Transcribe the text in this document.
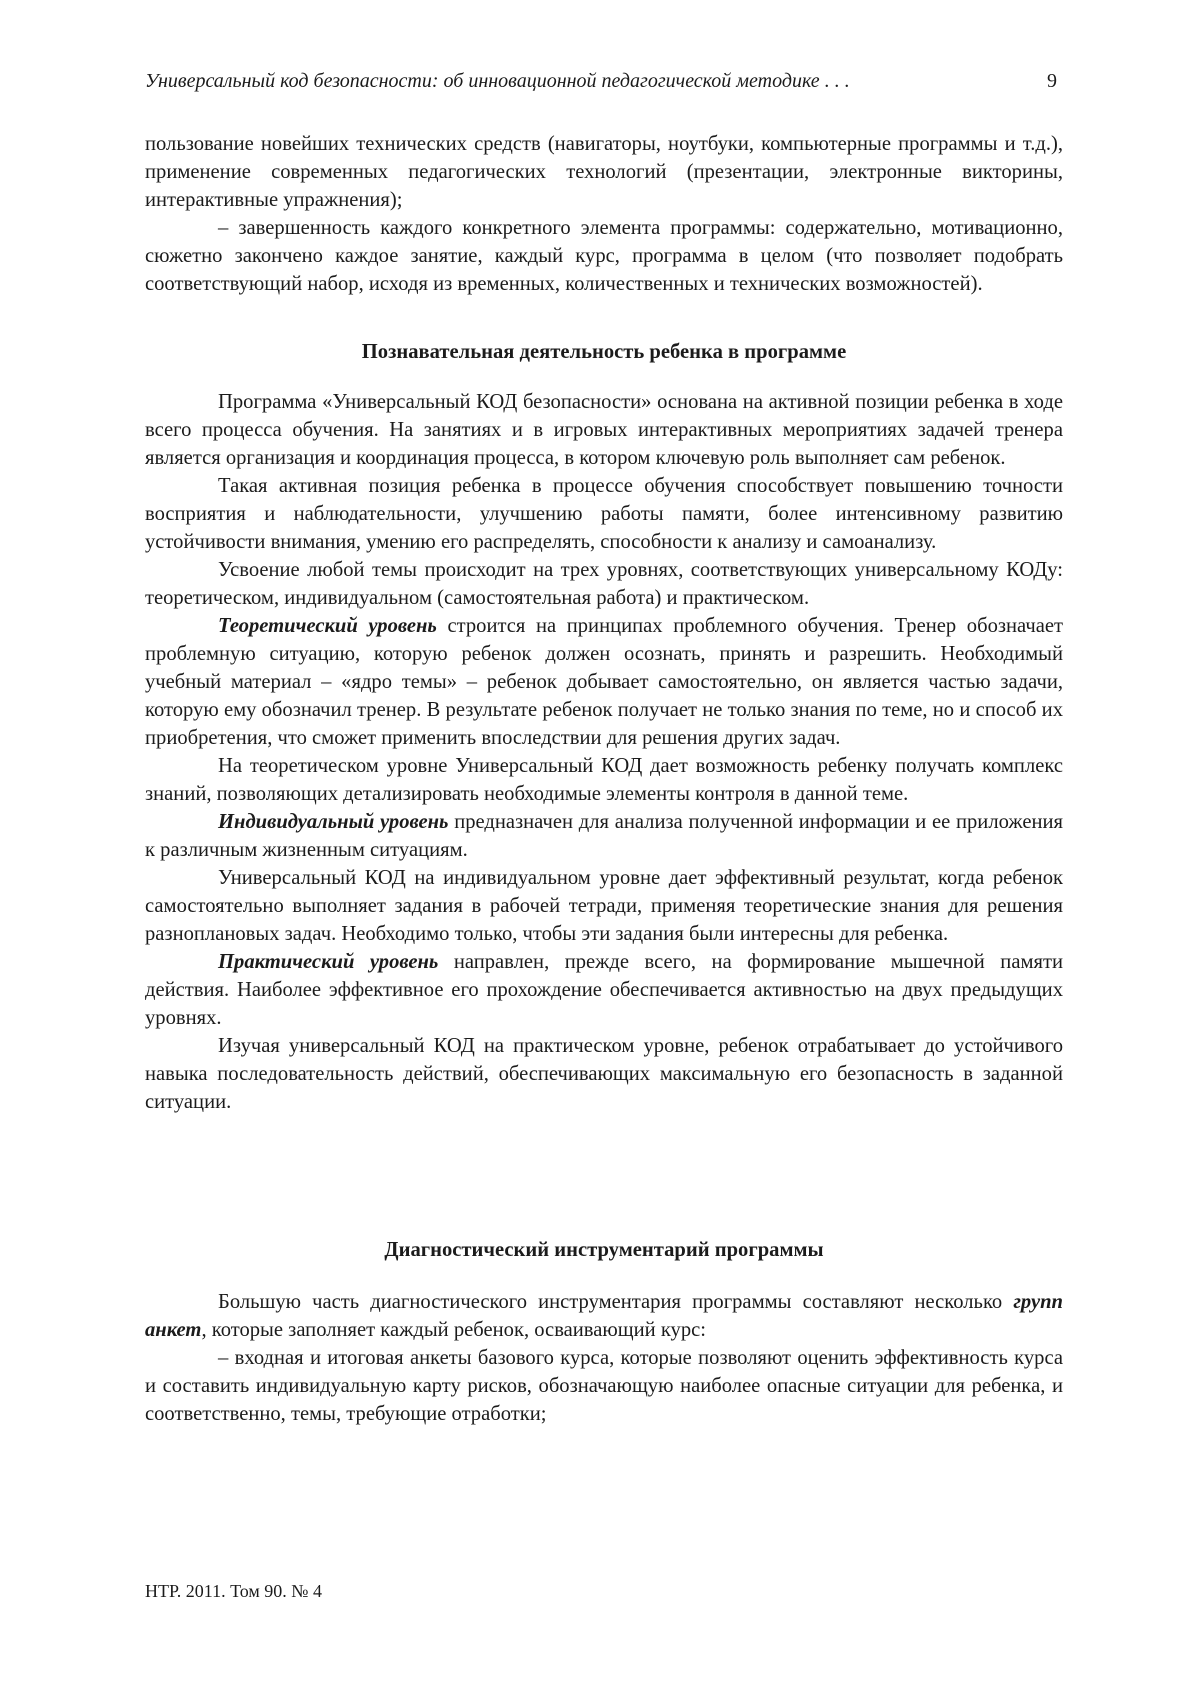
Универсальный код безопасности: об инновационной педагогической методике . . .	9

пользование новейших технических средств (навигаторы, ноутбуки, компьютерные программы и т.д.), применение современных педагогических технологий (презентации, электронные викторины, интерактивные упражнения);

– завершенность каждого конкретного элемента программы: содержательно, мотивационно, сюжетно закончено каждое занятие, каждый курс, программа в целом (что позволяет подобрать соответствующий набор, исходя из временных, количественных и технических возможностей).

Познавательная деятельность ребенка в программе

Программа «Универсальный КОД безопасности» основана на активной позиции ребенка в ходе всего процесса обучения. На занятиях и в игровых интерактивных мероприятиях задачей тренера является организация и координация процесса, в котором ключевую роль выполняет сам ребенок.

Такая активная позиция ребенка в процессе обучения способствует повышению точности восприятия и наблюдательности, улучшению работы памяти, более интенсивному развитию устойчивости внимания, умению его распределять, способности к анализу и самоанализу.

Усвоение любой темы происходит на трех уровнях, соответствующих универсальному КОДу: теоретическом, индивидуальном (самостоятельная работа) и практическом.

Теоретический уровень строится на принципах проблемного обучения. Тренер обозначает проблемную ситуацию, которую ребенок должен осознать, принять и разрешить. Необходимый учебный материал – «ядро темы» – ребенок добывает самостоятельно, он является частью задачи, которую ему обозначил тренер. В результате ребенок получает не только знания по теме, но и способ их приобретения, что сможет применить впоследствии для решения других задач.

На теоретическом уровне Универсальный КОД дает возможность ребенку получать комплекс знаний, позволяющих детализировать необходимые элементы контроля в данной теме.

Индивидуальный уровень предназначен для анализа полученной информации и ее приложения к различным жизненным ситуациям.

Универсальный КОД на индивидуальном уровне дает эффективный результат, когда ребенок самостоятельно выполняет задания в рабочей тетради, применяя теоретические знания для решения разноплановых задач. Необходимо только, чтобы эти задания были интересны для ребенка.

Практический уровень направлен, прежде всего, на формирование мышечной памяти действия. Наиболее эффективное его прохождение обеспечивается активностью на двух предыдущих уровнях.

Изучая универсальный КОД на практическом уровне, ребенок отрабатывает до устойчивого навыка последовательность действий, обеспечивающих максимальную его безопасность в заданной ситуации.

Диагностический инструментарий программы

Большую часть диагностического инструментария программы составляют несколько групп анкет, которые заполняет каждый ребенок, осваивающий курс:

– входная и итоговая анкеты базового курса, которые позволяют оценить эффективность курса и составить индивидуальную карту рисков, обозначающую наиболее опасные ситуации для ребенка, и соответственно, темы, требующие отработки;

НТР. 2011. Том 90. № 4
